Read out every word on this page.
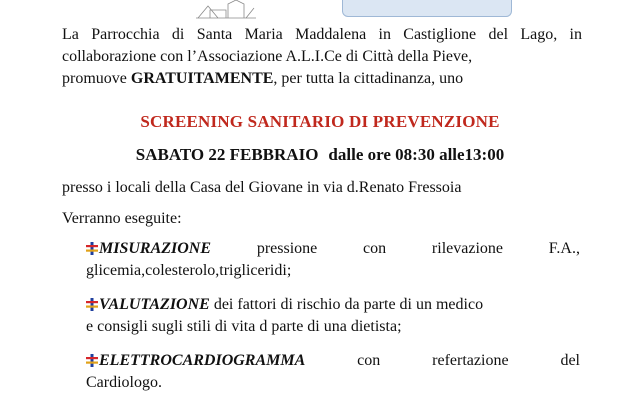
La Parrocchia di Santa Maria Maddalena in Castiglione del Lago, in
collaborazione con l’Associazione A.L.I.Ce di Città della Pieve,
promuove GRATUITAMENTE, per tutta la cittadinanza, uno
SCREENING SANITARIO DI PREVENZIONE
SABATO 22 FEBBRAIO dalle ore 08:30 alle13:00
presso i locali della Casa del Giovane in via d.Renato Fressoia
Verranno eseguite:
MISURAZIONE	pressione	con	rilevazione	F.A.,
glicemia,colesterolo,trigliceridi;
VALUTAZIONE dei fattori di rischio da parte di un medico
e consigli sugli stili di vita d parte di una dietista;
ELETTROCARDIOGRAMMA	con	refertazione	del
Cardiologo.
